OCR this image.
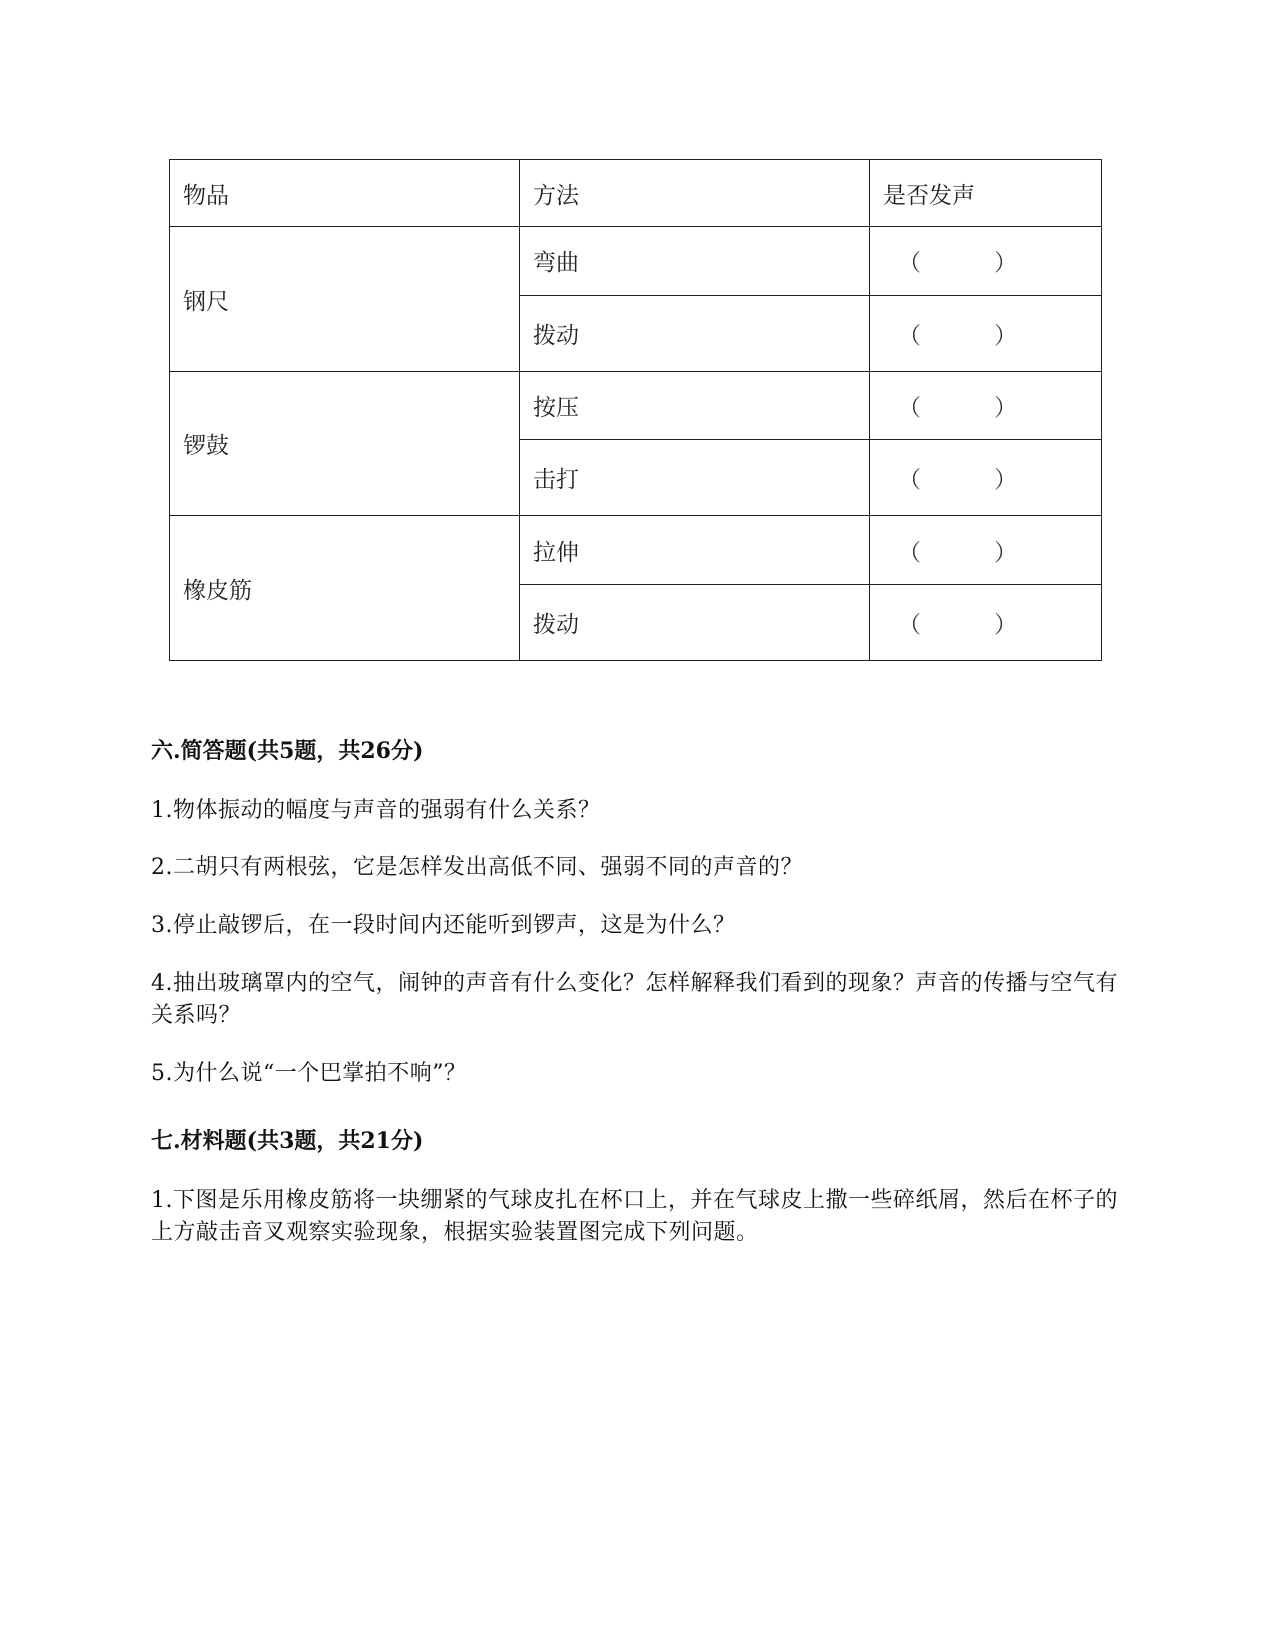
物品	方法	是否发声
钢尺	弯曲	（          ）
	拨动	（          ）
锣鼓	按压	（          ）
	击打	（          ）
橡皮筋	拉伸	（          ）
	拨动	（          ）
六.简答题(共5题，共26分)
1.物体振动的幅度与声音的强弱有什么关系？
2.二胡只有两根弦，它是怎样发出高低不同、强弱不同的声音的？
3.停止敲锣后，在一段时间内还能听到锣声，这是为什么？
4.抽出玻璃罩内的空气，闹钟的声音有什么变化？怎样解释我们看到的现象？声音的传播与空气有关系吗？
5.为什么说“一个巴掌拍不响”？
七.材料题(共3题，共21分)
1.下图是乐用橡皮筋将一块绷紧的气球皮扎在杯口上，并在气球皮上撒一些碎纸屑，然后在杯子的上方敲击音叉观察实验现象，根据实验装置图完成下列问题。
